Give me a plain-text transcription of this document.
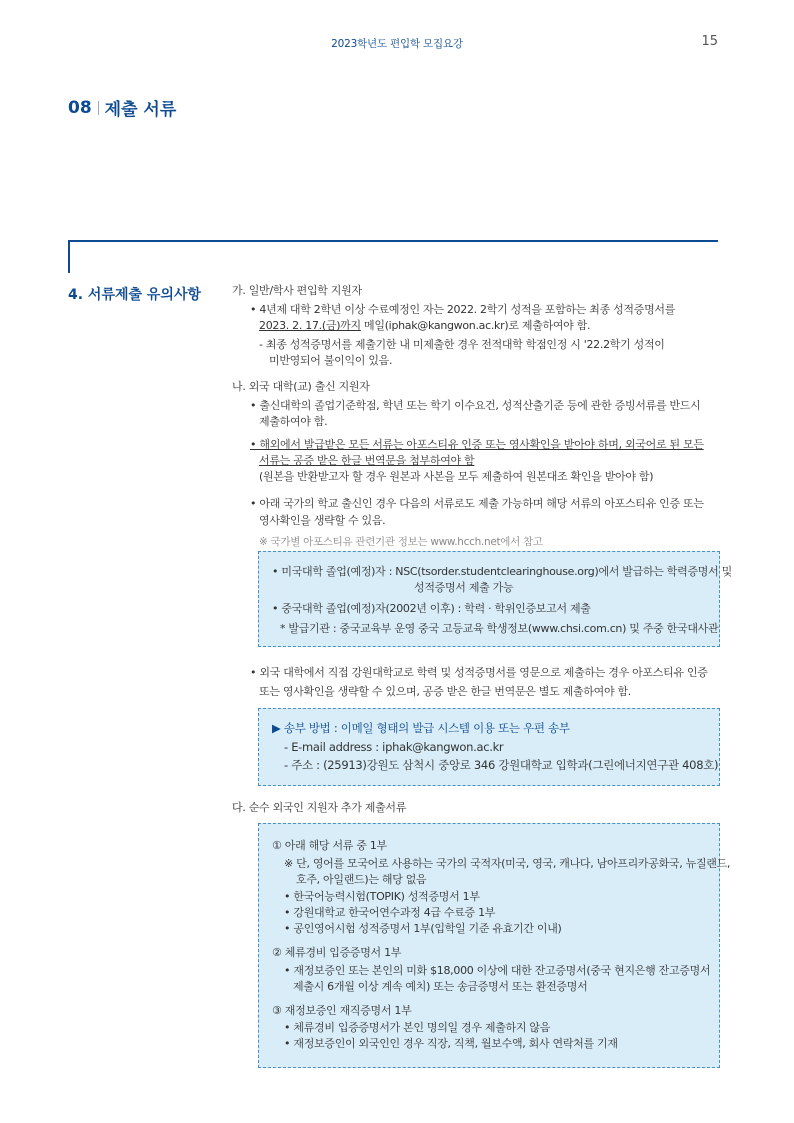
2023학년도 편입학 모집요강	15
08 제출 서류
4. 서류제출 유의사항	가. 일반/학사 편입학 지원자
• 4년제 대학 2학년 이상 수료예정인 자는 2022. 2학기 성적을 포함하는 최종 성적증명서를
2023. 2. 17.(금)까지 메일(iphak@kangwon.ac.kr)로 제출하여야 함.
- 최종 성적증명서를 제출기한 내 미제출한 경우 전적대학 학점인정 시 '22.2학기 성적이
미반영되어 불이익이 있음.
나. 외국 대학(교) 출신 지원자
• 출신대학의 졸업기준학점, 학년 또는 학기 이수요건, 성적산출기준 등에 관한 증빙서류를 반드시
제출하여야 함.
• 해외에서 발급받은 모든 서류는 아포스티유 인증 또는 영사확인을 받아야 하며, 외국어로 된 모든
서류는 공증 받은 한글 번역문을 첨부하여야 함
(원본을 반환받고자 할 경우 원본과 사본을 모두 제출하여 원본대조 확인을 받아야 함)
• 아래 국가의 학교 출신인 경우 다음의 서류로도 제출 가능하며 해당 서류의 아포스티유 인증 또는
영사확인을 생략할 수 있음.
※ 국가별 아포스티유 관련기관 정보는 www.hcch.net에서 참고
• 미국대학 졸업(예정)자 : NSC(tsorder.studentclearinghouse.org)에서 발급하는 학력증명서 및
성적증명서 제출 가능
• 중국대학 졸업(예정)자(2002년 이후) : 학력 · 학위인증보고서 제출
* 발급기관 : 중국교육부 운영 중국 고등교육 학생정보(www.chsi.com.cn) 및 주중 한국대사관
• 외국 대학에서 직접 강원대학교로 학력 및 성적증명서를 영문으로 제출하는 경우 아포스티유 인증
또는 영사확인을 생략할 수 있으며, 공증 받은 한글 번역문은 별도 제출하여야 함.
▶ 송부 방법 : 이메일 형태의 발급 시스템 이용 또는 우편 송부
- E-mail address : iphak@kangwon.ac.kr
- 주소 : (25913)강원도 삼척시 중앙로 346 강원대학교 입학과(그린에너지연구관 408호)
다. 순수 외국인 지원자 추가 제출서류
① 아래 해당 서류 중 1부
※ 단, 영어를 모국어로 사용하는 국가의 국적자(미국, 영국, 캐나다, 남아프리카공화국, 뉴질랜드,
호주, 아일랜드)는 해당 없음
• 한국어능력시험(TOPIK) 성적증명서 1부
• 강원대학교 한국어연수과정 4급 수료증 1부
• 공인영어시험 성적증명서 1부(입학일 기준 유효기간 이내)
② 체류경비 입증증명서 1부
• 재정보증인 또는 본인의 미화 $18,000 이상에 대한 잔고증명서(중국 현지은행 잔고증명서
제출시 6개월 이상 계속 예치) 또는 송금증명서 또는 환전증명서
③ 재정보증인 재직증명서 1부
• 체류경비 입증증명서가 본인 명의일 경우 제출하지 않음
• 재정보증인이 외국인인 경우 직장, 직책, 월보수액, 회사 연락처를 기재
